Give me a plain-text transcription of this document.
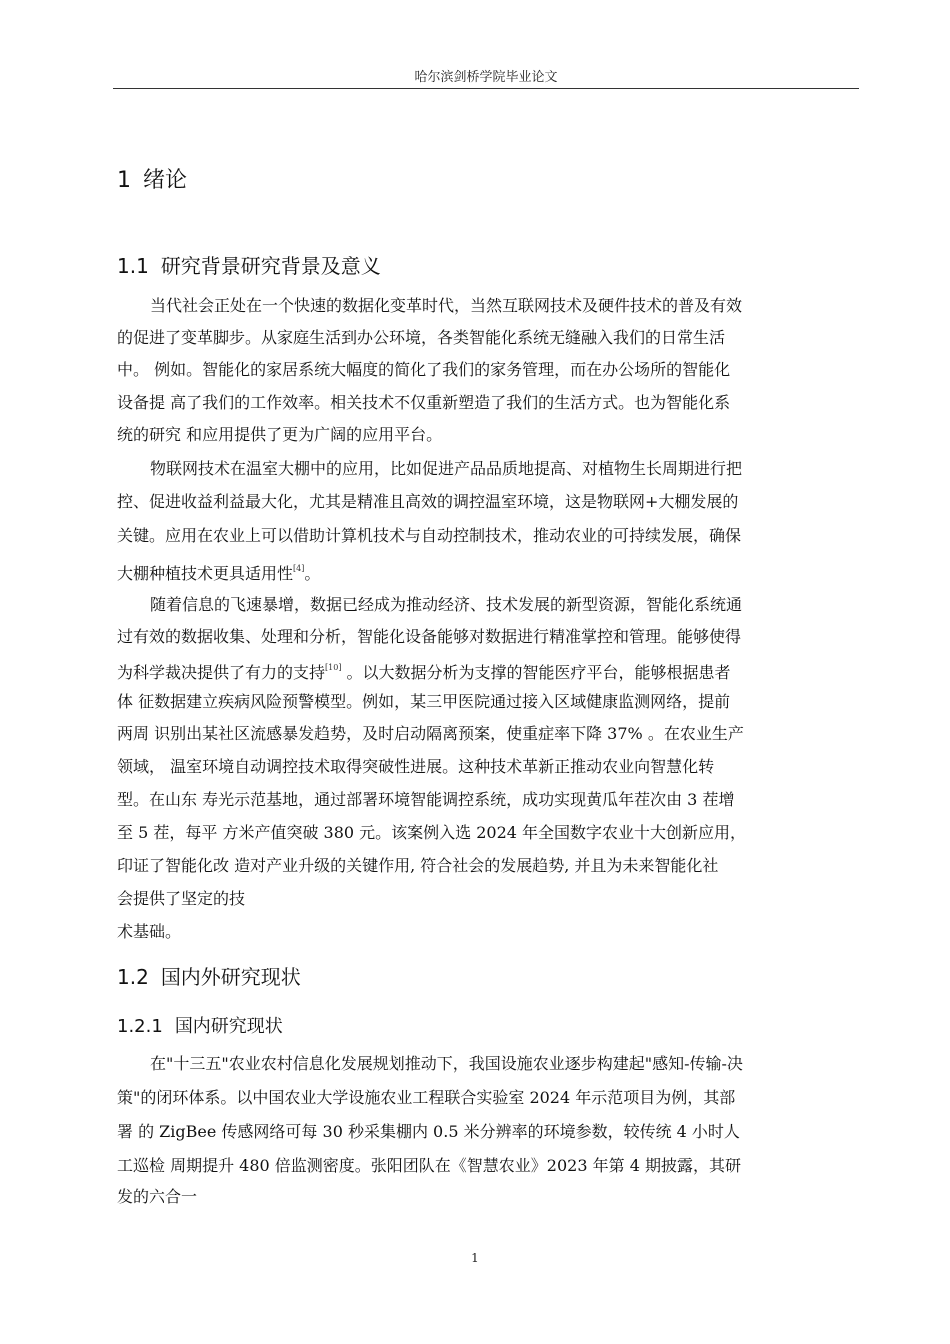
哈尔滨剑桥学院毕业论文
1 绪论
1.1 研究背景研究背景及意义
当代社会正处在一个快速的数据化变革时代，当然互联网技术及硬件技术的普及有效
的促进了变革脚步。从家庭生活到办公环境，各类智能化系统无缝融入我们的日常生活
中。 例如。智能化的家居系统大幅度的简化了我们的家务管理，而在办公场所的智能化
设备提 高了我们的工作效率。相关技术不仅重新塑造了我们的生活方式。也为智能化系
统的研究 和应用提供了更为广阔的应用平台。
物联网技术在温室大棚中的应用，比如促进产品品质地提高、对植物生长周期进行把
控、促进收益利益最大化，尤其是精准且高效的调控温室环境，这是物联网+大棚发展的
关键。应用在农业上可以借助计算机技术与自动控制技术，推动农业的可持续发展，确保
大棚种植技术更具适用性[4]。
随着信息的飞速暴增，数据已经成为推动经济、技术发展的新型资源，智能化系统通
过有效的数据收集、处理和分析，智能化设备能够对数据进行精准掌控和管理。能够使得
为科学裁决提供了有力的支持[10] 。以大数据分析为支撑的智能医疗平台，能够根据患者
体 征数据建立疾病风险预警模型。例如，某三甲医院通过接入区域健康监测网络，提前
两周 识别出某社区流感暴发趋势，及时启动隔离预案，使重症率下降 37% 。在农业生产
领域， 温室环境自动调控技术取得突破性进展。这种技术革新正推动农业向智慧化转
型。在山东 寿光示范基地，通过部署环境智能调控系统，成功实现黄瓜年茬次由 3 茬增
至 5 茬，每平 方米产值突破 380 元。该案例入选 2024 年全国数字农业十大创新应用，
印证了智能化改 造对产业升级的关键作用, 符合社会的发展趋势, 并且为未来智能化社
会提供了坚定的技
术基础。
1.2 国内外研究现状
1.2.1 国内研究现状
在"十三五"农业农村信息化发展规划推动下，我国设施农业逐步构建起"感知-传输-决
策"的闭环体系。以中国农业大学设施农业工程联合实验室 2024 年示范项目为例，其部
署 的 ZigBee 传感网络可每 30 秒采集棚内 0.5 米分辨率的环境参数，较传统 4 小时人
工巡检 周期提升 480 倍监测密度。张阳团队在《智慧农业》2023 年第 4 期披露，其研
发的六合一
1
